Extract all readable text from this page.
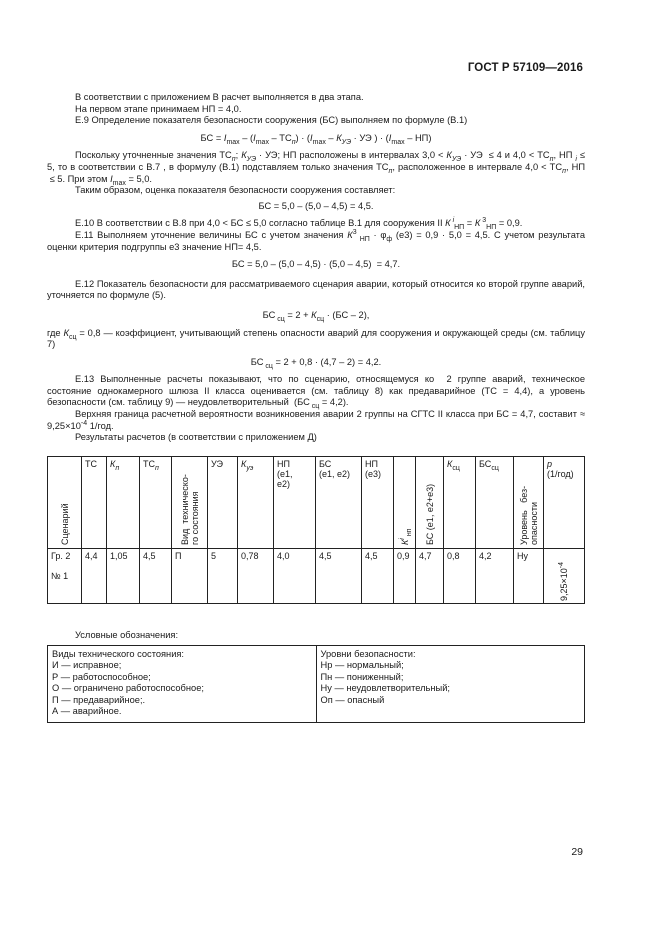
ГОСТ Р 57109—2016

В соответствии с приложением В расчет выполняется в два этапа.

На первом этапе принимаем НП = 4,0.

Е.9 Определение показателя безопасности сооружения (БС) выполняем по формуле (В.1)

БС = $I_{max} - (I_{max} - ТС_п) \cdot (I_{max} - К_{УЭ}$ · УЭ ) · $(I_{max} - НП)$

Поскольку уточненные значения $ТС_п$; $К_{УЭ}$ · УЭ; НП расположены в интервалах $3,0 < К_{УЭ}$ · УЭ  ≤ 4 и $4,0 < ТС_п$, НП $_i$ ≤ 5, то в соответствии с В.7 , в формулу (В.1) подставляем только значения $ТС_п$, расположенное в интервале $4,0 < ТС_п$, НП  ≤ 5. При этом $I_{max} = 5,0$.

Таким образом, оценка показателя безопасности сооружения составляет:

БС = 5,0 – (5,0 – 4,5) = 4,5.

Е.10 В соответствии с В.8 при 4,0 < БС ≤ 5,0 согласно таблице В.1 для сооружения II К $^i_{НП}$ = К $^3_{НП}$ = 0,9.

Е.11 Выполняем уточнение величины БС с учетом значения $К^3$ $_{НП} \cdot \varphi_ф$ (е3) = 0,9 · 5,0 = 4,5. С учетом результата оценки критерия подгруппы е3 значение НП= 4,5.

БС = 5,0 – (5,0 – 4,5) · (5,0 – 4,5)  = 4,7.

Е.12 Показатель безопасности для рассматриваемого сценария аварии, который относится ко второй группе аварий, уточняется по формуле (5).

БС $_{сц} = 2 + К_{сц} \cdot (БС - 2)$,

где $К_{сц} = 0,8$ — коэффициент, учитывающий степень опасности аварий для сооружения и окружающей среды (см. таблицу 7)

БС $_{сц}$ = 2 + 0,8 · (4,7 – 2) = 4,2.

Е.13 Выполненные расчеты показывают, что по сценарию, относящемуся ко  2 группе аварий, техническое состояние однокамерного шлюза II класса оценивается (см. таблицу 8) как предаварийное (ТС = 4,4), а уровень безопасности (см. таблицу 9) — неудовлетворительный  (БС $_{сц}$ = 4,2).

Верхняя граница расчетной вероятности возникновения аварии 2 группы на СГТС II класса при БС = 4,7, составит ≈ $9,25\times 10^{-4}$ 1/год.

Результаты расчетов (в соответствии с приложением Д)

Сценарий	ТС	$К_п$	$ТС_п$	Вид  техническо-
го состояния	УЭ	$К_{уэ}$	НП
(е1,
е2)	БС
(е1, е2)	НП
(е3)	$К^i$ $_{нп}$	БС (е1, е2+е3)	$К_{сц}$	$БС_{сц}$	Уровень   без-
опасности	р
(1/год)
Гр. 2

№ 1	4,4	1,05	4,5	П	5	0,78	4,0	4,5	4,5	0,9	4,7	0,8	4,2	Ну	$9,25\times 10^{-4}$
Условные обозначения:
Виды технического состояния:
И — исправное;
Р — работоспособное;
О — ограничено работоспособное;
П — предаварийное;.
А — аварийное.

Уровни безопасности:
Нр — нормальный;
Пн — пониженный;
Ну — неудовлетворительный;
Оп — опасный
29
